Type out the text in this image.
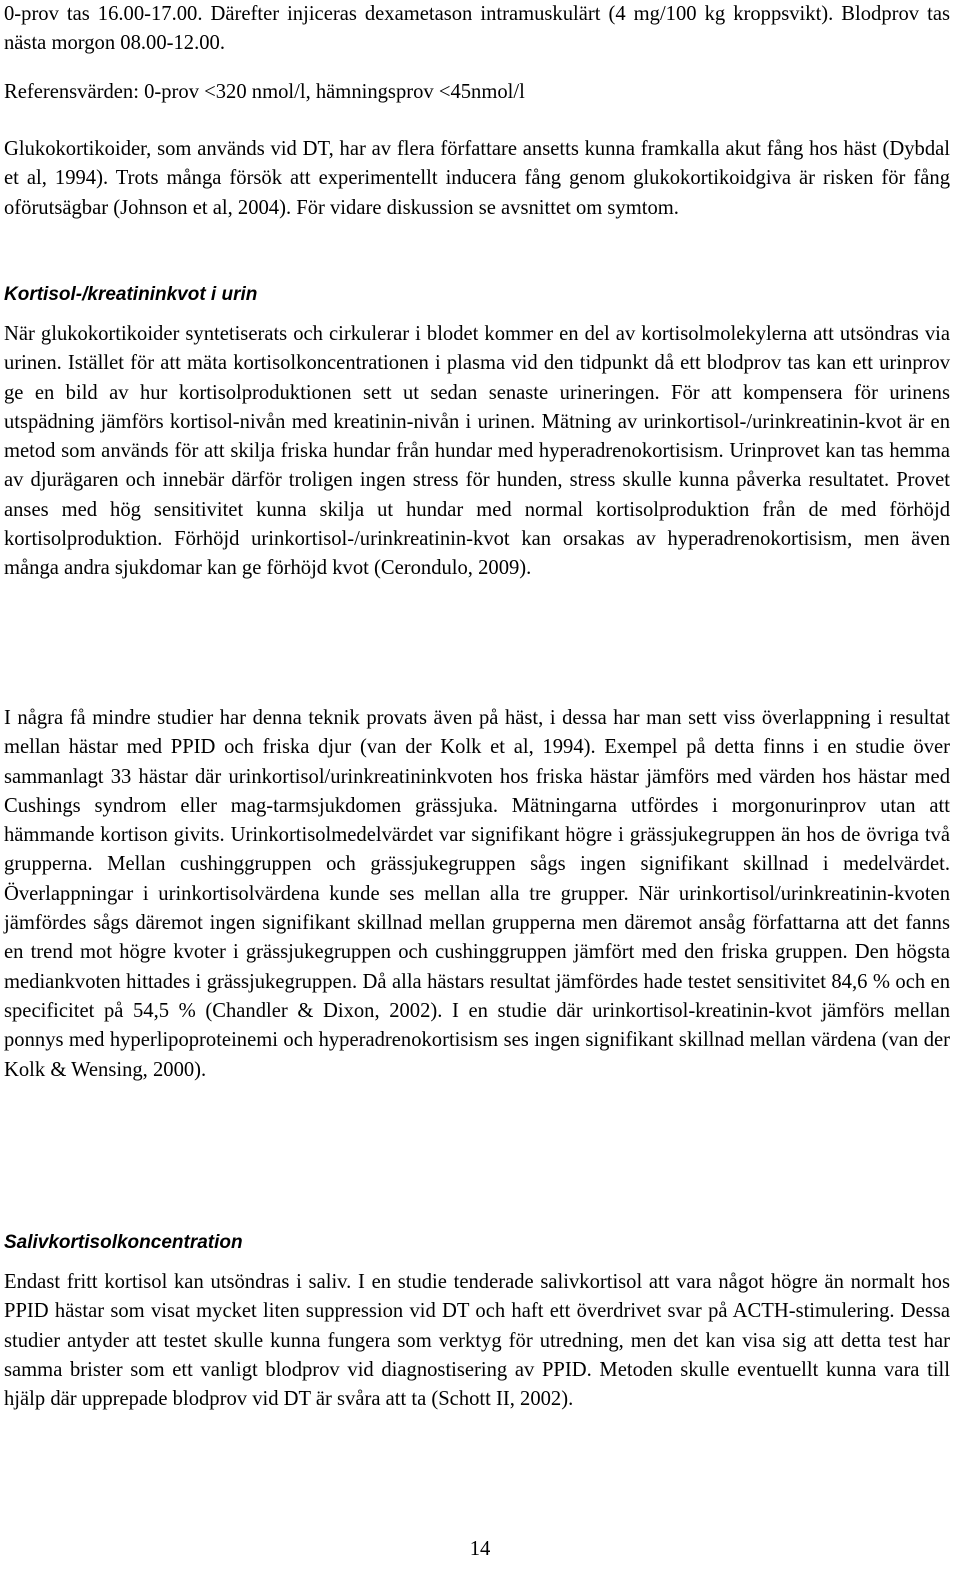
0-prov tas 16.00-17.00. Därefter injiceras dexametason intramuskulärt (4 mg/100 kg kroppsvikt). Blodprov tas nästa morgon 08.00-12.00.

Referensvärden: 0-prov <320 nmol/l, hämningsprov <45nmol/l

Glukokortikoider, som används vid DT, har av flera författare ansetts kunna framkalla akut fång hos häst (Dybdal et al, 1994). Trots många försök att experimentellt inducera fång genom glukokortikoidgiva är risken för fång oförutsägbar (Johnson et al, 2004). För vidare diskussion se avsnittet om symtom.

Kortisol-/kreatininkvot i urin

När glukokortikoider syntetiserats och cirkulerar i blodet kommer en del av kortisolmolekylerna att utsöndras via urinen. Istället för att mäta kortisolkoncentrationen i plasma vid den tidpunkt då ett blodprov tas kan ett urinprov ge en bild av hur kortisolproduktionen sett ut sedan senaste urineringen. För att kompensera för urinens utspädning jämförs kortisol-nivån med kreatinin-nivån i urinen. Mätning av urinkortisol-/urinkreatinin-kvot är en metod som används för att skilja friska hundar från hundar med hyperadrenokortisism. Urinprovet kan tas hemma av djurägaren och innebär därför troligen ingen stress för hunden, stress skulle kunna påverka resultatet. Provet anses med hög sensitivitet kunna skilja ut hundar med normal kortisolproduktion från de med förhöjd kortisolproduktion. Förhöjd urinkortisol-/urinkreatinin-kvot kan orsakas av hyperadrenokortisism, men även många andra sjukdomar kan ge förhöjd kvot (Cerondulo, 2009).

I några få mindre studier har denna teknik provats även på häst, i dessa har man sett viss överlappning i resultat mellan hästar med PPID och friska djur (van der Kolk et al, 1994). Exempel på detta finns i en studie över sammanlagt 33 hästar där urinkortisol/urinkreatininkvoten hos friska hästar jämförs med värden hos hästar med Cushings syndrom eller mag-tarmsjukdomen grässjuka. Mätningarna utfördes i morgonurinprov utan att hämmande kortison givits. Urinkortisolmedelvärdet var signifikant högre i grässjukegruppen än hos de övriga två grupperna. Mellan cushinggruppen och grässjukegruppen sågs ingen signifikant skillnad i medelvärdet. Överlappningar i urinkortisolvärdena kunde ses mellan alla tre grupper. När urinkortisol/urinkreatinin-kvoten jämfördes sågs däremot ingen signifikant skillnad mellan grupperna men däremot ansåg författarna att det fanns en trend mot högre kvoter i grässjukegruppen och cushinggruppen jämfört med den friska gruppen. Den högsta mediankvoten hittades i grässjukegruppen. Då alla hästars resultat jämfördes hade testet sensitivitet 84,6 % och en specificitet på 54,5 % (Chandler & Dixon, 2002). I en studie där urinkortisol-kreatinin-kvot jämförs mellan ponnys med hyperlipoproteinemi och hyperadrenokortisism ses ingen signifikant skillnad mellan värdena (van der Kolk & Wensing, 2000).

Salivkortisolkoncentration

Endast fritt kortisol kan utsöndras i saliv. I en studie tenderade salivkortisol att vara något högre än normalt hos PPID hästar som visat mycket liten suppression vid DT och haft ett överdrivet svar på ACTH-stimulering. Dessa studier antyder att testet skulle kunna fungera som verktyg för utredning, men det kan visa sig att detta test har samma brister som ett vanligt blodprov vid diagnostisering av PPID. Metoden skulle eventuellt kunna vara till hjälp där upprepade blodprov vid DT är svåra att ta (Schott II, 2002).

14
